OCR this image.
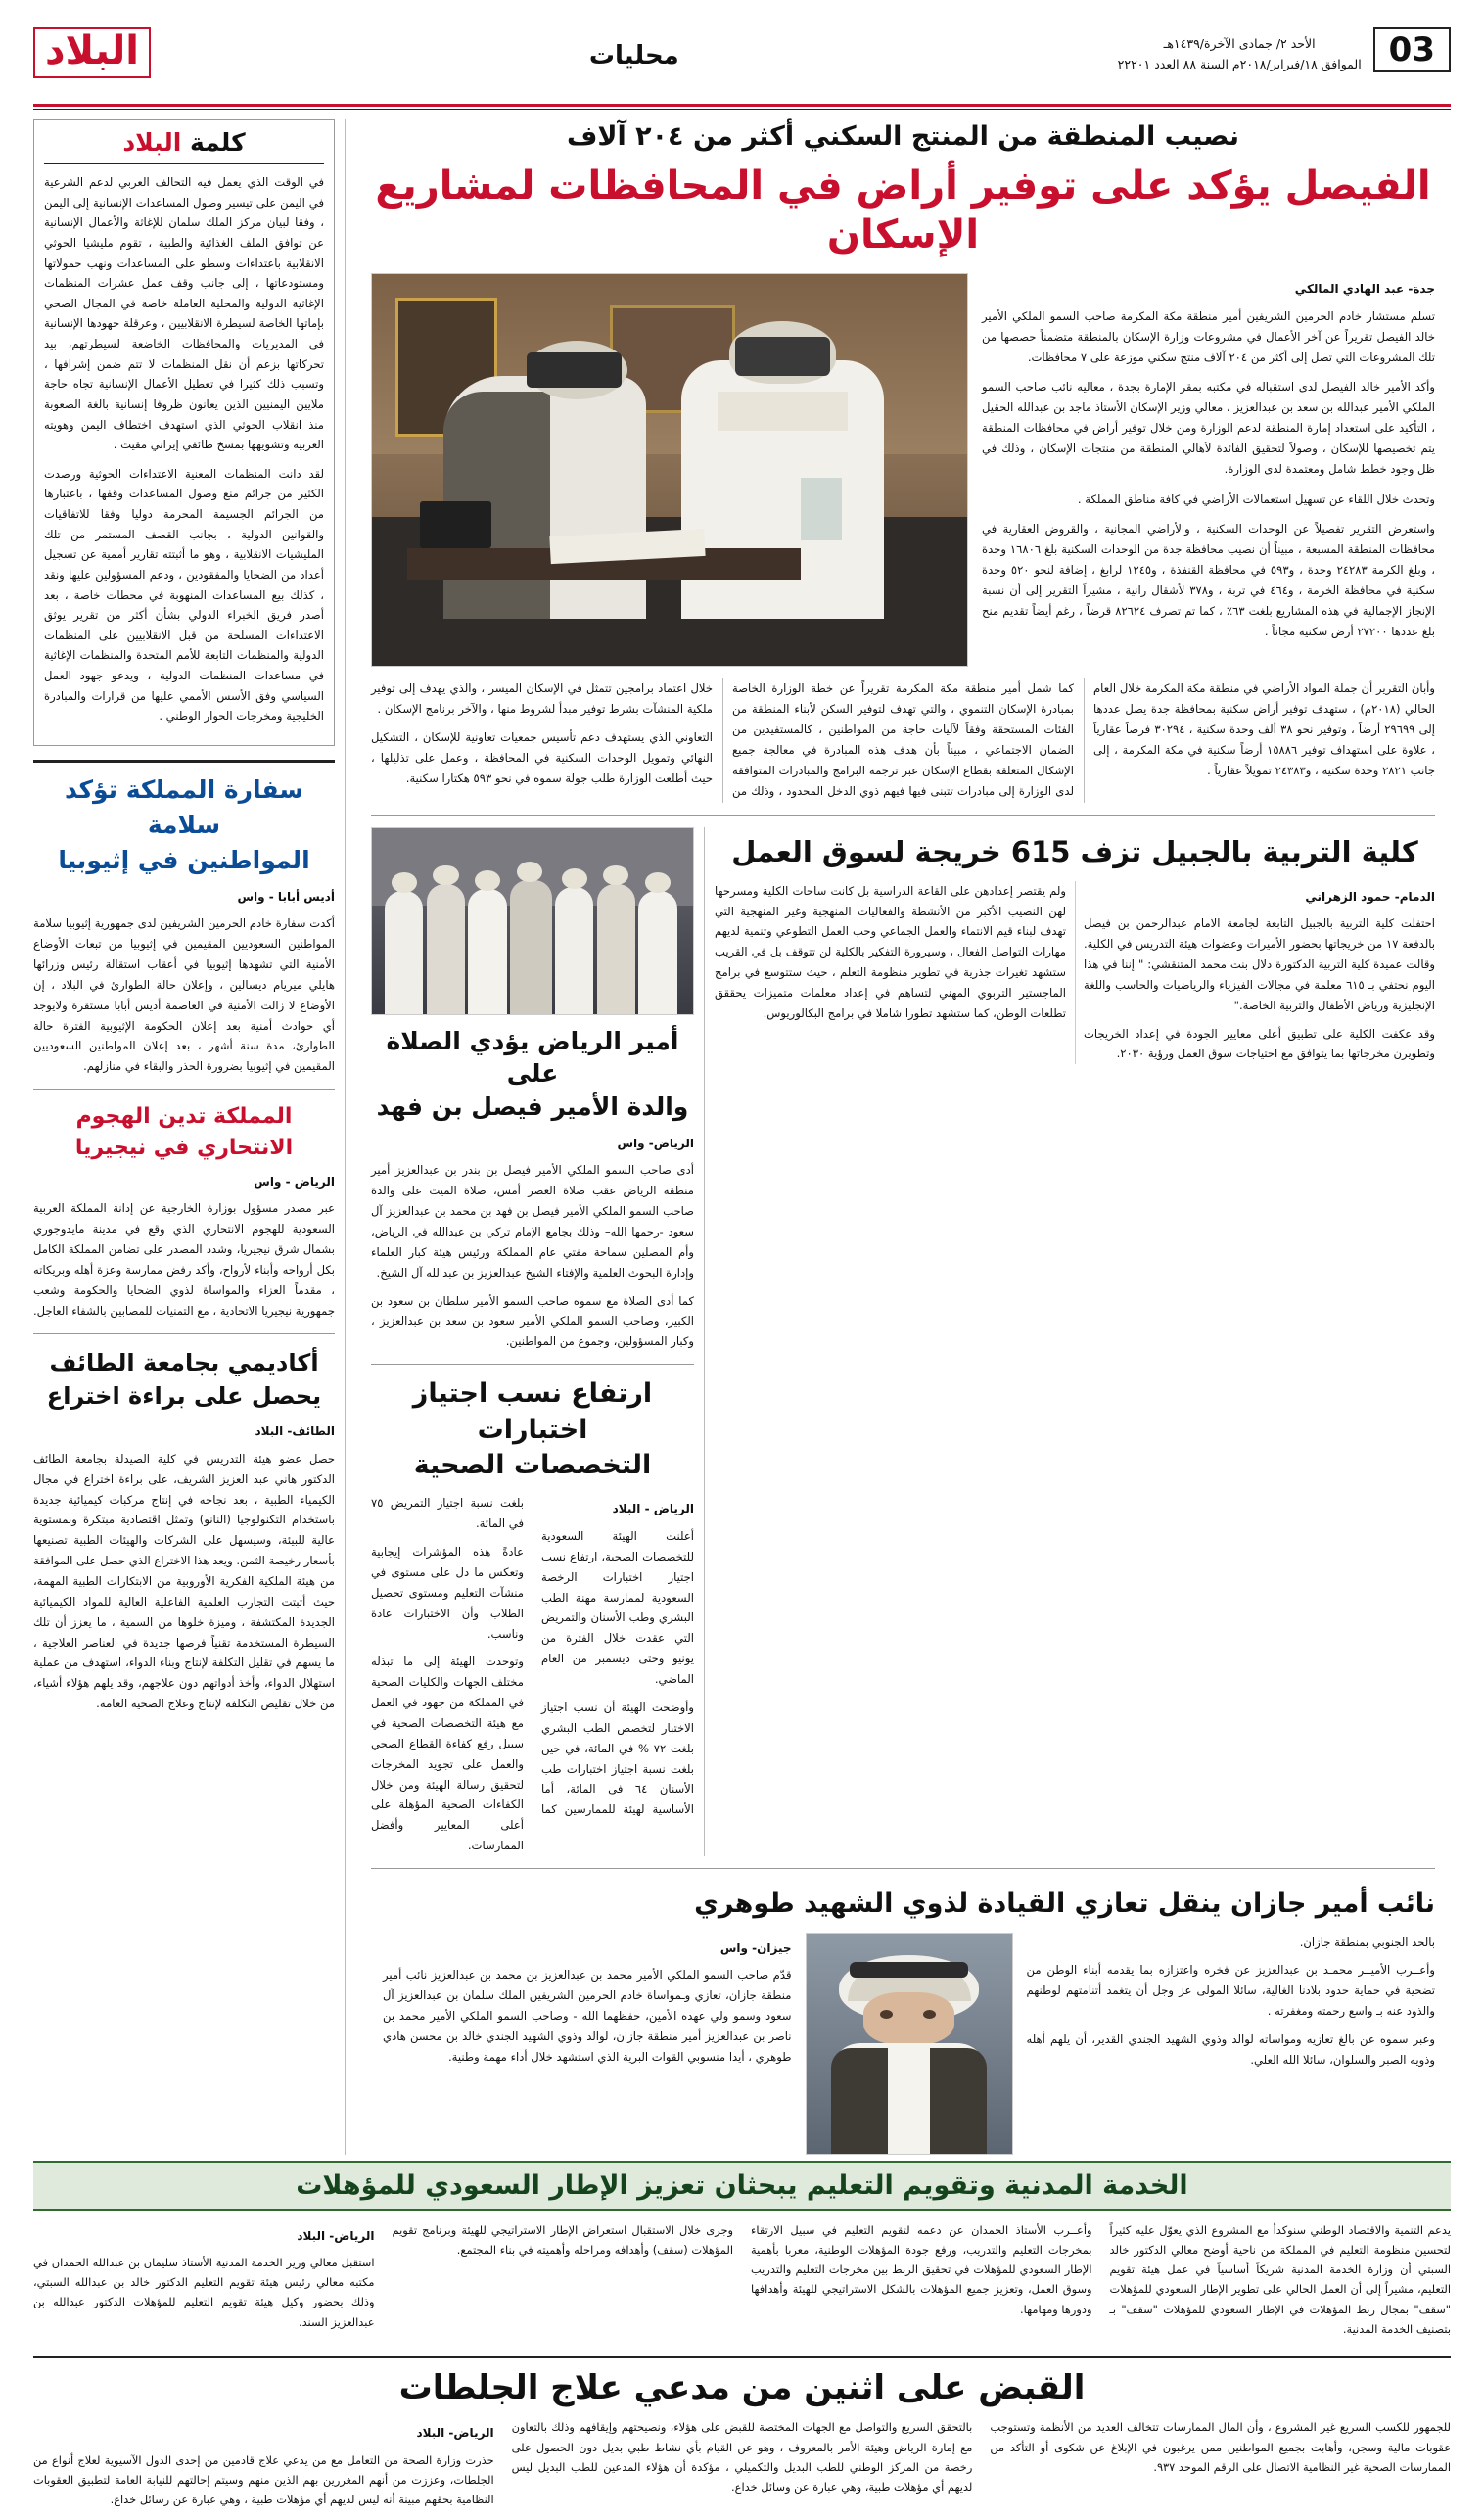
03
الأحد ٢/ جمادى الآخرة/١٤٣٩هـ
الموافق ١٨/فبراير/٢٠١٨م السنة ٨٨ العدد ٢٢٢٠١
محليات
البلاد
نصيب المنطقة من المنتج السكني أكثر من ٢٠٤ آلاف
الفيصل يؤكد على توفير أراض في المحافظات لمشاريع الإسكان
جدة- عبد الهادي المالكي

تسلم مستشار خادم الحرمين الشريفين أمير منطقة مكة المكرمة صاحب السمو الملكي الأمير خالد الفيصل تقريراً عن آخر الأعمال في مشروعات وزارة الإسكان بالمنطقة متضمناً حصصها من تلك المشروعات التي تصل إلى أكثر من ٢٠٤ آلاف منتج سكني موزعة على ٧ محافظات.

وأكد الأمير خالد الفيصل لدى استقباله في مكتبه بمقر الإمارة بجدة ، معاليه نائب صاحب السمو الملكي الأمير عبدالله بن سعد بن عبدالعزيز ، معالي وزير الإسكان الأستاذ ماجد بن عبدالله الحقيل ، التأكيد على استعداد إمارة المنطقة لدعم الوزارة ومن خلال توفير أراض في محافظات المنطقة يتم تخصيصها للإسكان ، وصولاً لتحقيق الفائدة لأهالي المنطقة من منتجات الإسكان ، وذلك في ظل وجود خطط شامل ومعتمدة لدى الوزارة.

وتحدث خلال اللقاء عن تسهيل استعمالات الأراضي في كافة مناطق المملكة .

واستعرض التقرير تفصيلاً عن الوحدات السكنية ، والأراضي المجانية ، والقروض العقارية في محافظات المنطقة المسبعة ، مبيناً أن نصيب محافظة جدة من الوحدات السكنية بلغ ١٦٨٠٦ وحدة ، وبلغ الكرمة ٢٤٢٨٣ وحدة ، و٥٩٣ في محافظة القنفذة ، و١٢٤٥ لرابغ ، إضافة لنحو ٥٢٠ وحدة سكنية في محافظة الخرمة ، و٤٦٤ في تربة ، و٣٧٨ لأشقال رانية ، مشيراً التقرير إلى أن نسبة الإنجاز الإجمالية في هذه المشاريع بلغت ٦٣٪ ، كما تم تصرف ٨٢٦٢٤ قرضاً ، رغم أيضاً تقديم منح بلغ عددها ٢٧٢٠٠ أرض سكنية مجاناً .

وأبان التقرير أن جملة المواد الأراضي في منطقة مكة المكرمة خلال العام الحالي (٢٠١٨م) ، ستهدف توفير أراض سكنية بمحافظة جدة يصل عددها إلى ٢٩٦٩٩ أرضاً ، وتوفير نحو ٣٨ ألف وحدة سكنية ، ٣٠٢٩٤ فرصاً عقارياً ، علاوة على استهداف توفير ١٥٨٨٦ أرضاً سكنية في مكة المكرمة ، إلى جانب ٢٨٢١ وحدة سكنية ، و٢٤٣٨٣ تمويلاً عقارياً .

كما شمل أمير منطقة مكة المكرمة تقريراً عن خطة الوزارة الخاصة بمبادرة الإسكان التنموي ، والتي تهدف لتوفير السكن لأبناء المنطقة من الفئات المستحقة وفقاً لآليات حاجة من المواطنين ، كالمستفيدين من الضمان الاجتماعي ، مبيناً بأن هدف هذه المبادرة في معالجة جميع الإشكال المتعلقة بقطاع الإسكان عبر ترجمة البرامج والمبادرات المتوافقة لدى الوزارة إلى مبادرات تتبنى فيها فيهم ذوي الدخل المحدود ، وذلك من خلال اعتماد برامجين تتمثل في الإسكان الميسر ، والذي يهدف إلى توفير ملكية المنشآت بشرط توفير مبدأ لشروط منها ، والآخر برنامج الإسكان .

التعاوني الذي يستهدف دعم تأسيس جمعيات تعاونية للإسكان ، التشكيل النهائي وتمويل الوحدات السكنية في المحافظة ، وعمل على تذليلها ، حيث أطلعت الوزارة طلب جولة سموه في نحو ٥٩٣ هكتارا سكنية.

كلية التربية بالجبيل تزف 615 خريجة لسوق العمل
الدمام- حمود الزهراني

احتفلت كلية التربية بالجبيل التابعة لجامعة الامام عبدالرحمن بن فيصل بالدفعة ١٧ من خريجاتها بحضور الأميرات وعضوات هيئة التدريس في الكلية. وقالت عميدة كلية التربية الدكتورة دلال بنت محمد المتنقشي: " إننا في هذا اليوم نحتفي بـ ٦١٥ معلمة في مجالات الفيزياء والرياضيات والحاسب واللغة الإنجليزية ورياض الأطفال والتربية الخاصة."

وقد عكفت الكلية على تطبيق أعلى معايير الجودة في إعداد الخريجات وتطويرن مخرجاتها بما يتوافق مع احتياجات سوق العمل ورؤية ٢٠٣٠.

ولم يقتصر إعدادهن على القاعة الدراسية بل كانت ساحات الكلية ومسرحها لهن النصيب الأكبر من الأنشطة والفعاليات المنهجية وغير المنهجية التي تهدف لبناء قيم الانتماء والعمل الجماعي وحب العمل التطوعي وتنمية لديهم مهارات التواصل الفعال ، وسيرورة التفكير بالكلية لن تتوقف بل في القريب ستشهد تغيرات جذرية في تطوير منظومة التعلم ، حيث ستتوسع في برامج الماجستير التربوي المهني لتساهم في إعداد معلمات متميزات يحققق تطلعات الوطن، كما ستشهد تطورا شاملا في برامج البكالوريوس.

أمير الرياض يؤدي الصلاة على
والدة الأمير فيصل بن فهد
الرياض- واس

أدى صاحب السمو الملكي الأمير فيصل بن بندر بن عبدالعزيز أمير منطقة الرياض عقب صلاة العصر أمس، صلاة الميت على والدة صاحب السمو الملكي الأمير فيصل بن فهد بن محمد بن عبدالعزيز آل سعود -رحمها الله– وذلك بجامع الإمام تركي بن عبدالله في الرياض، وأم المصلين سماحة مفتي عام المملكة ورئيس هيئة كبار العلماء وإدارة البحوث العلمية والإفتاء الشيخ عبدالعزيز بن عبدالله آل الشيخ.

كما أدى الصلاة مع سموه صاحب السمو الأمير سلطان بن سعود بن الكبير، وصاحب السمو الملكي الأمير سعود بن سعد بن عبدالعزيز ، وكبار المسؤولين، وجموع من المواطنين.

ارتفاع نسب اجتياز اختبارات
التخصصات الصحية
الرياض - البلاد

أعلنت الهيئة السعودية للتخصصات الصحية، ارتفاع نسب اجتياز اختبارات الرخصة السعودية لممارسة مهنة الطب البشري وطب الأسنان والتمريض التي عقدت خلال الفترة من يونيو وحتى ديسمبر من العام الماضي.

وأوضحت الهيئة أن نسب اجتياز الاختبار لتخصص الطب البشري بلغت ٧٢ % في المائة، في حين بلغت نسبة اجتياز اختبارات طب الأسنان ٦٤ في المائة، أما الأساسية لهيئة للممارسين كما بلغت نسبة اجتياز التمريض ٧٥ في المائة.

عادةً هذه المؤشرات إيجابية وتعكس ما دل على مستوى في منشآت التعليم ومستوى تحصيل الطلاب وأن الاختبارات عادة وناسب.

وتوحدت الهيئة إلى ما تبذله مختلف الجهات والكليات الصحية في المملكة من جهود في العمل مع هيئة التخصصات الصحية في سبيل رفع كفاءة القطاع الصحي والعمل على تجويد المخرجات لتحقيق رسالة الهيئة ومن خلال الكفاءات الصحية المؤهلة على أعلى المعايير وأفضل الممارسات.

نائب أمير جازان ينقل تعازي القيادة لذوي الشهيد طوهري

بالحد الجنوبي بمنطقة جازان.

وأعــرب الأميــر محمـد بن عبدالعزيز عن فخره واعتزازه بما يقدمه أبناء الوطن من تضحية في حماية حدود بلادنا الغالية، سائلا المولى عز وجل أن يتغمد أتنامتهم لوطنهم والذود عنه بـ واسع رحمته ومغفرته .

وعبر سموه عن بالغ تعازيه ومواساته لوالد وذوي الشهيد الجندي القدير، أن يلهم أهله وذويه الصبر والسلوان، سائلا الله العلي.

جيزان- واس

قدّم صاحب السمو الملكي الأمير محمد بن عبدالعزيز بن محمد بن عبدالعزيز نائب أمير منطقة جازان، تعازي وـمواساة خادم الحرمين الشريفين الملك سلمان بن عبدالعزيز آل سعود وسمو ولي عهده الأمين، حفظهما الله - وصاحب السمو الملكي الأمير محمد بن ناصر بن عبدالعزيز أمير منطقة جازان، لوالد وذوي الشهيد الجندي خالد بن محسن هادي طوهري ، أيدا منسوبي القوات البرية الذي استشهد خلال أداء مهمة وطنية.

كلمة البلاد

في الوقت الذي يعمل فيه التحالف العربي لدعم الشرعية في اليمن على تيسير وصول المساعدات الإنسانية إلى اليمن ، وفقا لبيان مركز الملك سلمان للإغاثة والأعمال الإنسانية عن توافق الملف الغذائية والطبية ، تقوم مليشيا الحوثي الانقلابية باعتداءات وسطو على المساعدات ونهب حمولاتها ومستودعاتها ، إلى جانب وقف عمل عشرات المنظمات الإغاثية الدولية والمحلية العاملة خاصة في المجال الصحي بإماتها الخاصة لسيطرة الانقلابيين ، وعرقلة جهودها الإنسانية في المديريات والمحافظات الخاضعة لسيطرتهم، بيد تحركاتها بزعم أن نقل المنظمات لا تتم ضمن إشرافها ، وتسبب ذلك كثيرا في تعطيل الأعمال الإنسانية تجاه حاجة ملايين اليمنيين الذين يعانون ظروفا إنسانية بالغة الصعوبة منذ انقلاب الحوثي الذي استهدف اختطاف اليمن وهويته العربية وتشويهها بمسخ طائفي إيراني مقيت .

لقد دانت المنظمات المعنية الاعتداءات الحوثية ورصدت الكثير من جرائم منع وصول المساعدات وقفها ، باعتبارها من الجرائم الجسيمة المحرمة دوليا وفقا للاتفاقيات والقوانين الدولية ، بجانب القصف المستمر من تلك المليشيات الانقلابية ، وهو ما أثبتته تقارير أممية عن تسجيل أعداد من الضحايا والمفقودين ، ودعم المسؤولين عليها ونقد ، كذلك بيع المساعدات المنهوبة في محطات خاصة ، بعد أصدر فريق الخبراء الدولي بشأن أكثر من تقرير يوثق الاعتداءات المسلحة من قبل الانقلابيين على المنظمات الدولية والمنظمات التابعة للأمم المتحدة والمنظمات الإغاثية في مساعدات المنظمات الدولية ، ويدعو جهود العمل السياسي وفق الأسس الأممي عليها من قرارات والمبادرة الخليجية ومخرجات الحوار الوطني .

سفارة المملكة تؤكد سلامة
المواطنين في إثيوبيا
أديس أبابا - واس

أكدت سفارة خادم الحرمين الشريفين لدى جمهورية إثيوبيا سلامة المواطنين السعوديين المقيمين في إثيوبيا من تبعات الأوضاع الأمنية التي تشهدها إثيوبيا في أعقاب استقالة رئيس وزرائها هايلي ميريام ديسالين ، وإعلان حالة الطوارئ في البلاد ، إن الأوضاع لا زالت الأمنية في العاصمة أديس أبابا مستقرة ولايوجد أي حوادث أمنية بعد إعلان الحكومة الإثيوبية الفترة حالة الطوارئ، مدة سنة أشهر ، بعد إعلان المواطنين السعوديين المقيمين في إثيوبيا بضرورة الحذر والبقاء في منازلهم.

المملكة تدين الهجوم الانتحاري في نيجيريا
الرياض - واس

عبر مصدر مسؤول بوزارة الخارجية عن إدانة المملكة العربية السعودية للهجوم الانتحاري الذي وقع في مدينة مايدوجوري بشمال شرق نيجيريا، وشدد المصدر على تضامن المملكة الكامل بكل أرواحه وأبناء لأرواح، وأكد رفض ممارسة وعزة أهله وبريكاته ، مقدماً العزاء والمواساة لذوي الضحايا والحكومة وشعب جمهورية نيجيريا الاتحادية ، مع التمنيات للمصابين بالشفاء العاجل.

أكاديمي بجامعة الطائف
يحصل على براءة اختراع
الطائف- البلاد

حصل عضو هيئة التدريس في كلية الصيدلة بجامعة الطائف الدكتور هاني عبد العزيز الشريف، على براءة اختراع في مجال الكيمياء الطبية ، بعد نجاحه في إنتاج مركبات كيميائية جديدة باستخدام التكنولوجيا (النانو) وتمثل اقتصادية مبتكرة وبمستوية عالية للبيئة، وسيسهل على الشركات والهيئات الطبية تصنيعها بأسعار رخيصة الثمن. ويعد هذا الاختراع الذي حصل على الموافقة من هيئة الملكية الفكرية الأوروبية من الابتكارات الطبية المهمة، حيث أثبتت التجارب العلمية الفاعلية العالية للمواد الكيميائية الجديدة المكتشفة ، وميزة خلوها من السمية ، ما يعزز أن تلك السيطرة المستخدمة تقنياً فرصها جديدة في العناصر العلاجية ، ما يسهم في تقليل التكلفة لإنتاج وبناء الدواء، استهدف من عملية استهلال الدواء، وأخذ أدواتهم دون علاجهم، وقد يلهم هؤلاء أشياء، من خلال تقليص التكلفة لإنتاج وعلاج الصحية العامة.

الخدمة المدنية وتقويم التعليم يبحثان تعزيز الإطار السعودي للمؤهلات

يدعم التنمية والاقتصاد الوطني سنوكدأ مع المشروع الذي يعوّل عليه كثيراً لتحسين منظومة التعليم في المملكة من ناحية أوضح معالي الدكتور خالد السبتي أن وزارة الخدمة المدنية شريكاً أساسياً في عمل هيئة تقويم التعليم، مشيراً إلى أن العمل الحالي على تطوير الإطار السعودي للمؤهلات "سقف" بمجال ربط المؤهلات في الإطار السعودي للمؤهلات "سقف" بـ بتصنيف الخدمة المدنية.

وأعــرب الأستاذ الحمدان عن دعمه لتقويم التعليم في سبيل الارتقاء بمخرجات التعليم والتدريب، ورفع جودة المؤهلات الوطنية، معربا بأهمية الإطار السعودي للمؤهلات في تحقيق الربط بين مخرجات التعليم والتدريب وسوق العمل، وتعزيز جميع المؤهلات بالشكل الاستراتيجي للهيئة وأهدافها ودورها ومهامها.

وجرى خلال الاستقبال استعراض الإطار الاستراتيجي للهيئة وبرنامج تقويم المؤهلات (سقف) وأهدافه ومراحله وأهميته في بناء المجتمع.

الرياض- البلاد

استقبل معالي وزير الخدمة المدنية الأستاذ سليمان بن عبدالله الحمدان في مكتبه معالي رئيس هيئة تقويم التعليم الدكتور خالد بن عبدالله السبتي، وذلك بحضور وكيل هيئة تقويم التعليم للمؤهلات الدكتور عبدالله بن عبدالعزيز السند.

القبض على اثنين من مدعي علاج الجلطات

للجمهور للكسب السريع غير المشروع ، وأن المال الممارسات تتخالف العديد من الأنظمة وتستوجب عقوبات مالية وسجن، وأهابت بجميع المواطنين ممن يرغبون في الإبلاغ عن شكوى أو التأكد من الممارسات الصحية غير النظامية الاتصال على الرقم الموحد ٩٣٧.

بالتحقق السريع والتواصل مع الجهات المختصة للقبض على هؤلاء، ونصيحتهم وإيقافهم وذلك بالتعاون مع إمارة الرياض وهيئة الأمر بالمعروف ، وهو عن القيام بأي نشاط طبي بديل دون الحصول على رخصة من المركز الوطني للطب البديل والتكميلي ، مؤكدة أن هؤلاء المدعين للطب البديل ليس لديهم أي مؤهلات طبية، وهي عبارة عن وسائل خداع.

الرياض- البلاد

حذرت وزارة الصحة من التعامل مع من يدعي علاج قادمين من إحدى الدول الآسيوية لعلاج أنواع من الجلطات، وعززت من أنهم المغررين بهم الذين منهم وسيتم إحالتهم للنيابة العامة لتطبيق العقوبات النظامية بحقهم مبينة أنه ليس لديهم أي مؤهلات طبية ، وهي عبارة عن رسائل خداع.
